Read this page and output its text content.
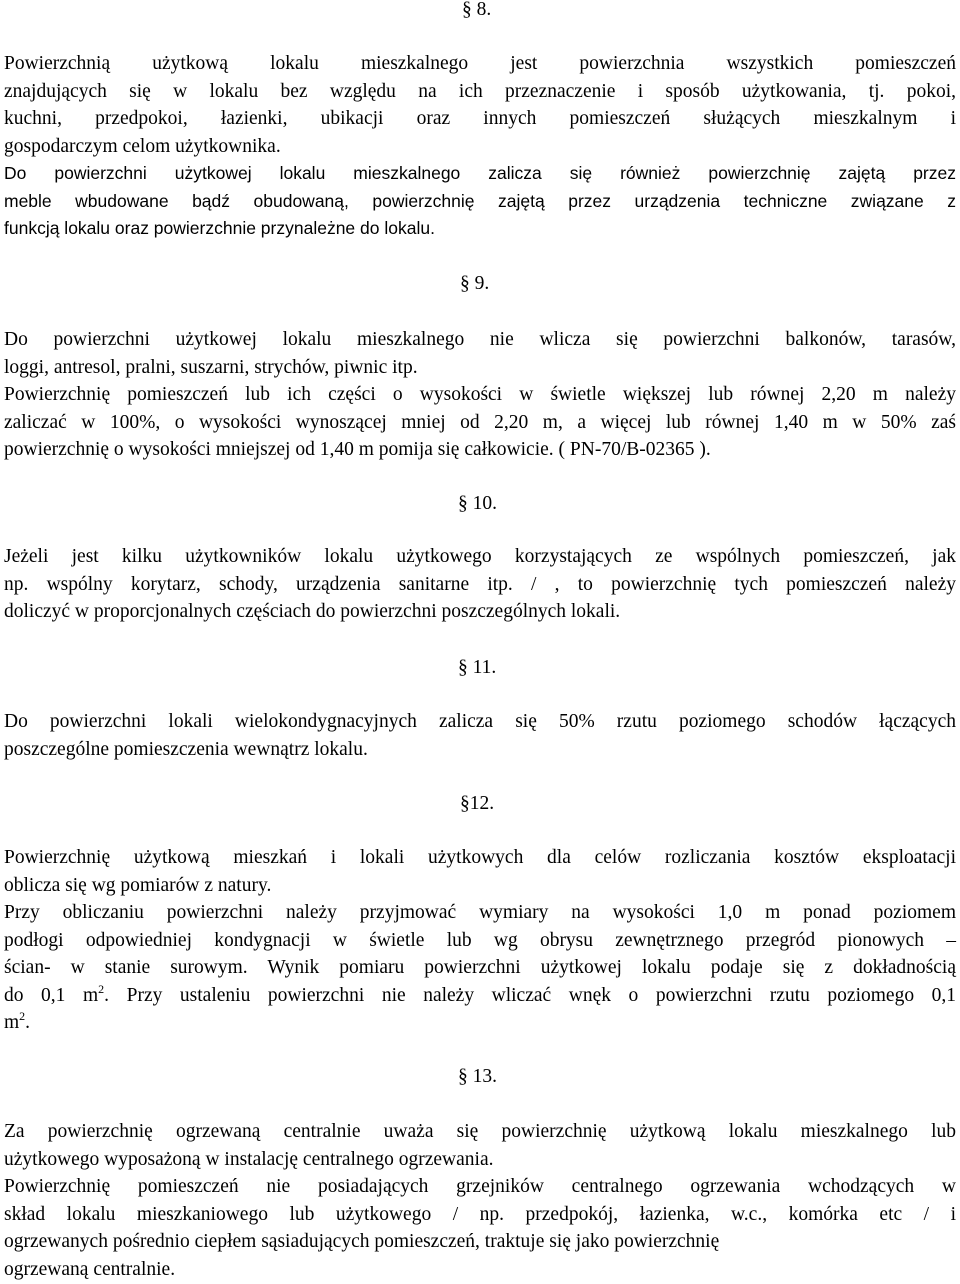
§ 8.

Powierzchnią użytkową lokalu mieszkalnego jest powierzchnia wszystkich pomieszczeń
znajdujących się w lokalu bez względu na ich przeznaczenie i sposób użytkowania, tj. pokoi,
kuchni, przedpokoi, łazienki, ubikacji oraz innych pomieszczeń służących mieszkalnym i
gospodarczym celom użytkownika.

Do powierzchni użytkowej lokalu mieszkalnego zalicza się również powierzchnię zajętą przez
meble wbudowane bądź obudowaną, powierzchnię zajętą przez urządzenia techniczne związane z
funkcją lokalu oraz powierzchnie przynależne do lokalu.

§ 9.

Do powierzchni użytkowej lokalu mieszkalnego nie wlicza się powierzchni balkonów, tarasów,
loggi, antresol, pralni, suszarni, strychów, piwnic itp.

Powierzchnię pomieszczeń lub ich części o wysokości w świetle większej lub równej 2,20 m należy
zaliczać w 100%, o wysokości wynoszącej mniej od 2,20 m, a więcej lub równej 1,40 m w 50% zaś
powierzchnię o wysokości mniejszej od 1,40 m pomija się całkowicie. ( PN-70/B-02365 ).

§ 10.

Jeżeli jest kilku użytkowników lokalu użytkowego korzystających ze wspólnych pomieszczeń, jak
np. wspólny korytarz, schody, urządzenia sanitarne itp. / , to powierzchnię tych pomieszczeń należy
doliczyć w proporcjonalnych częściach do powierzchni poszczególnych lokali.

§ 11.

Do powierzchni lokali wielokondygnacyjnych zalicza się 50% rzutu poziomego schodów łączących
poszczególne pomieszczenia wewnątrz lokalu.

§12.

Powierzchnię użytkową mieszkań i lokali użytkowych dla celów rozliczania kosztów eksploatacji
oblicza się wg pomiarów z natury.

Przy obliczaniu powierzchni należy przyjmować wymiary na wysokości 1,0 m ponad poziomem
podłogi odpowiedniej kondygnacji w świetle lub wg obrysu zewnętrznego przegród pionowych –
ścian- w stanie surowym. Wynik pomiaru powierzchni użytkowej lokalu podaje się z dokładnością
do 0,1 $m^2$. Przy ustaleniu powierzchni nie należy wliczać wnęk o powierzchni rzutu poziomego 0,1
$m^2$.

§ 13.

Za powierzchnię ogrzewaną centralnie uważa się powierzchnię użytkową lokalu mieszkalnego lub
użytkowego wyposażoną w instalację centralnego ogrzewania.

Powierzchnię pomieszczeń nie posiadających grzejników centralnego ogrzewania wchodzących w
skład lokalu mieszkaniowego lub użytkowego / np. przedpokój, łazienka, w.c., komórka etc / i
ogrzewanych pośrednio ciepłem sąsiadujących pomieszczeń, traktuje się jako powierzchnię
ogrzewaną centralnie.
